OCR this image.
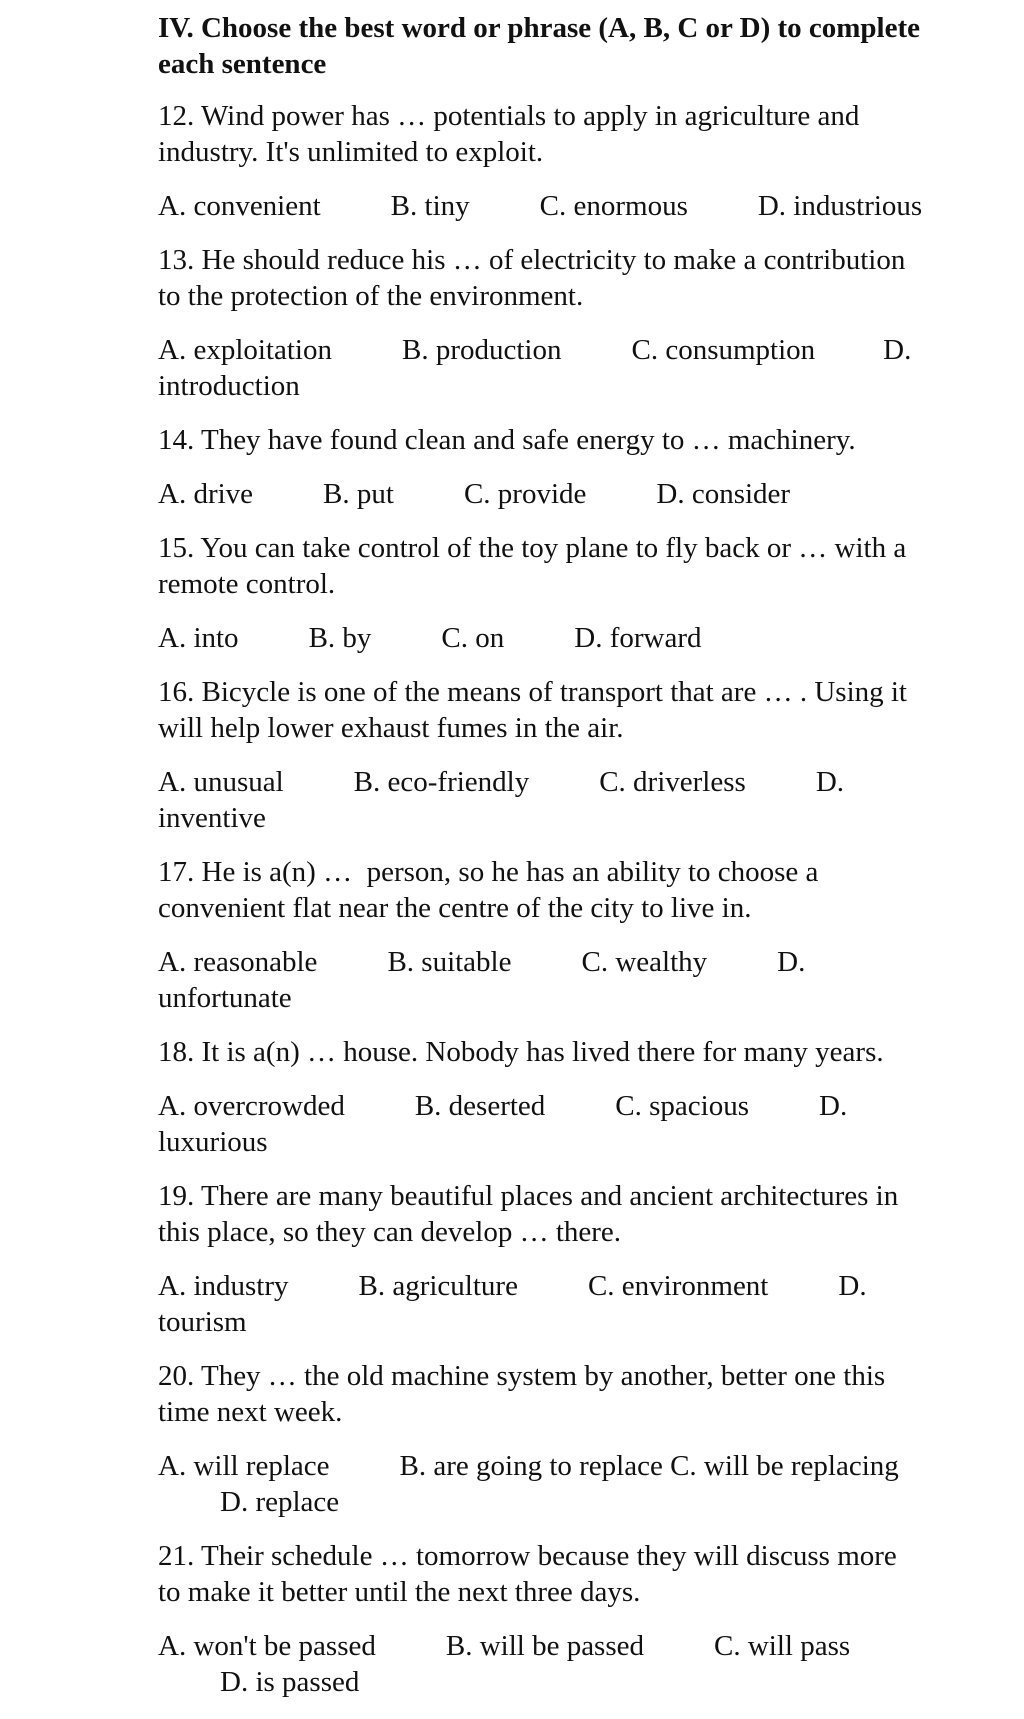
IV. Choose the best word or phrase (A, B, C or D) to complete
each sentence
12. Wind power has … potentials to apply in agriculture and
industry. It's unlimited to exploit.
A. convenient B. tiny C. enormous D. industrious
13. He should reduce his … of electricity to make a contribution
to the protection of the environment.
A. exploitation B. production C. consumption D.
introduction
14. They have found clean and safe energy to … machinery.
A. drive B. put C. provide D. consider
15. You can take control of the toy plane to fly back or … with a
remote control.
A. into B. by C. on D. forward
16. Bicycle is one of the means of transport that are … . Using it
will help lower exhaust fumes in the air.
A. unusual B. eco-friendly C. driverless D.
inventive
17. He is a(n) …  person, so he has an ability to choose a
convenient flat near the centre of the city to live in.
A. reasonable B. suitable C. wealthy D.
unfortunate
18. It is a(n) … house. Nobody has lived there for many years.
A. overcrowded B. deserted C. spacious D.
luxurious
19. There are many beautiful places and ancient architectures in
this place, so they can develop … there.
A. industry B. agriculture C. environment D.
tourism
20. They … the old machine system by another, better one this
time next week.
A. will replace B. are going to replace C. will be replacing
D. replace
21. Their schedule … tomorrow because they will discuss more
to make it better until the next three days.
A. won't be passed B. will be passed C. will pass
D. is passed
